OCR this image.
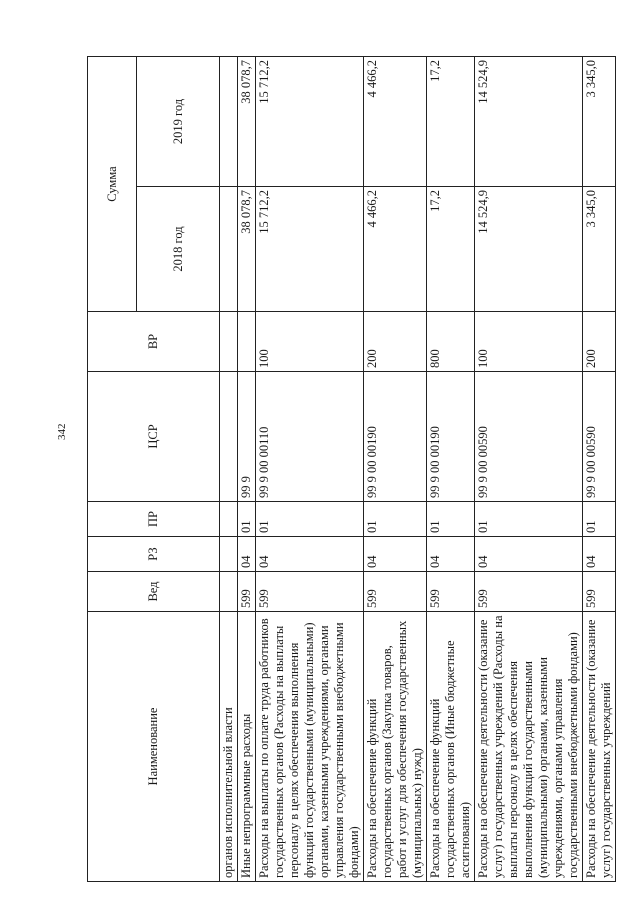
342
Наименование	Вед	РЗ	ПР	ЦСР	ВР	Сумма	
						2018 год	2019 год
органов исполнительной власти							
Иные непрограммные расходы	599	04	01	99 9		38 078,7	38 078,7
Расходы на выплаты по оплате труда работников государственных органов (Расходы на выплаты персоналу в целях обеспечения выполнения функций государственными (муниципальными) органами, казенными учреждениями, органами управления государственными внебюджетными фондами)	599	04	01	99 9 00 00110	100	15 712,2	15 712,2
Расходы на обеспечение функций государственных органов (Закупка товаров, работ и услуг для обеспечения государственных (муниципальных) нужд)	599	04	01	99 9 00 00190	200	4 466,2	4 466,2
Расходы на обеспечение функций государственных органов (Иные бюджетные ассигнования)	599	04	01	99 9 00 00190	800	17,2	17,2
Расходы на обеспечение деятельности (оказание услуг) государственных учреждений (Расходы на выплаты персоналу в целях обеспечения выполнения функций государственными (муниципальными) органами, казенными учреждениями, органами управления государственными внебюджетными фондами)	599	04	01	99 9 00 00590	100	14 524,9	14 524,9
Расходы на обеспечение деятельности (оказание услуг) государственных учреждений	599	04	01	99 9 00 00590	200	3 345,0	3 345,0
